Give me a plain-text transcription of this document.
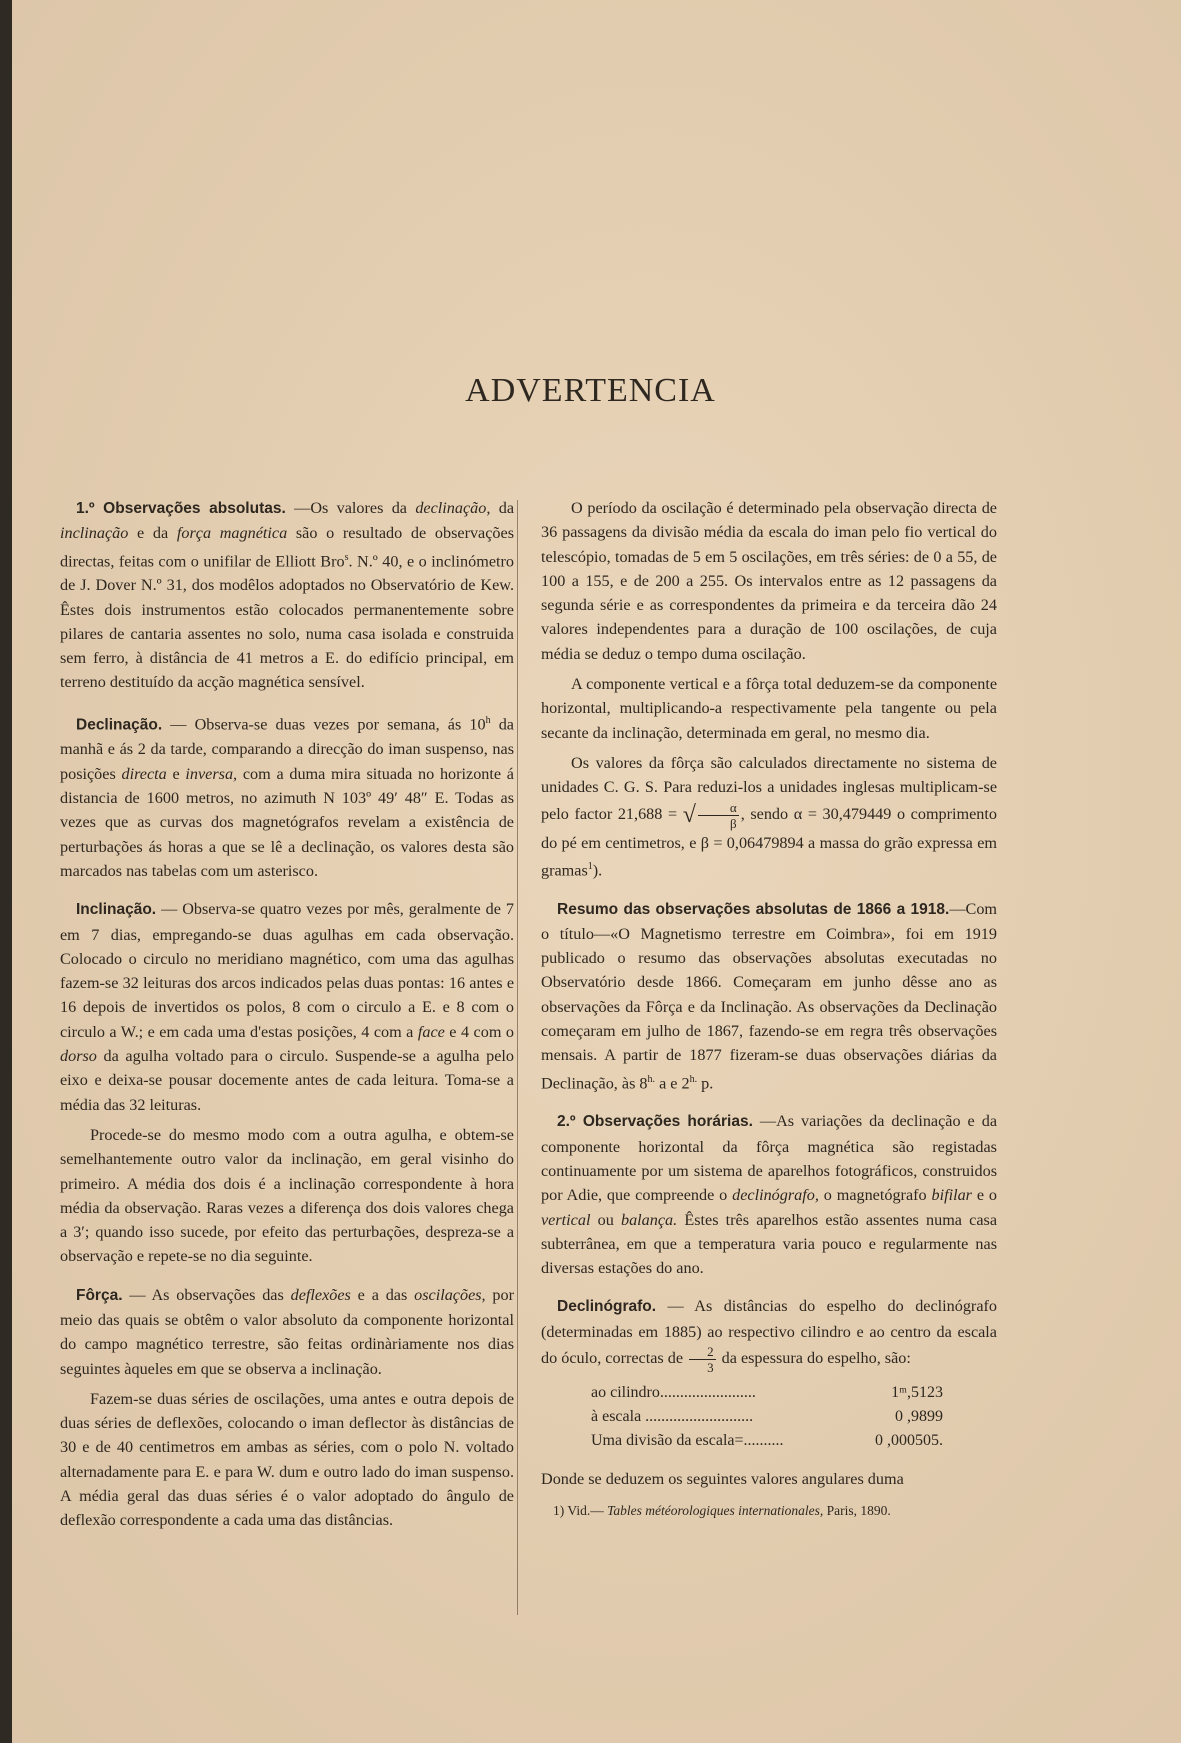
ADVERTENCIA

1.º Observações absolutas. —Os valores da declinação, da inclinação e da força magnética são o resultado de observações directas, feitas com o unifilar de Elliott Bro$^s$. N.º 40, e o inclinómetro de J. Dover N.º 31, dos modêlos adoptados no Observatório de Kew. Êstes dois instrumentos estão colocados permanentemente sobre pilares de cantaria assentes no solo, numa casa isolada e construida sem ferro, à distância de 41 metros a E. do edifício principal, em terreno destituído da acção magnética sensível.

Declinação. — Observa-se duas vezes por semana, ás 10$^h$ da manhã e ás 2 da tarde, comparando a direcção do iman suspenso, nas posições directa e inversa, com a duma mira situada no horizonte á distancia de 1600 metros, no azimuth N 103º 49′ 48″ E. Todas as vezes que as curvas dos magnetógrafos revelam a existência de perturbações ás horas a que se lê a declinação, os valores desta são marcados nas tabelas com um asterisco.

Inclinação. — Observa-se quatro vezes por mês, geralmente de 7 em 7 dias, empregando-se duas agulhas em cada observação. Colocado o circulo no meridiano magnético, com uma das agulhas fazem-se 32 leituras dos arcos indicados pelas duas pontas: 16 antes e 16 depois de invertidos os polos, 8 com o circulo a E. e 8 com o circulo a W.; e em cada uma d'estas posições, 4 com a face e 4 com o dorso da agulha voltado para o circulo. Suspende-se a agulha pelo eixo e deixa-se pousar docemente antes de cada leitura. Toma-se a média das 32 leituras.

Procede-se do mesmo modo com a outra agulha, e obtem-se semelhantemente outro valor da inclinação, em geral visinho do primeiro. A média dos dois é a inclinação correspondente à hora média da observação. Raras vezes a diferença dos dois valores chega a 3′; quando isso sucede, por efeito das perturbações, despreza-se a observação e repete-se no dia seguinte.

Fôrça. — As observações das deflexões e a das oscilações, por meio das quais se obtêm o valor absoluto da componente horizontal do campo magnético terrestre, são feitas ordinàriamente nos dias seguintes àqueles em que se observa a inclinação.

Fazem-se duas séries de oscilações, uma antes e outra depois de duas séries de deflexões, colocando o iman deflector às distâncias de 30 e de 40 centimetros em ambas as séries, com o polo N. voltado alternadamente para E. e para W. dum e outro lado do iman suspenso. A média geral das duas séries é o valor adoptado do ângulo de deflexão correspondente a cada uma das distâncias.

O período da oscilação é determinado pela observação directa de 36 passagens da divisão média da escala do iman pelo fio vertical do telescópio, tomadas de 5 em 5 oscilações, em três séries: de 0 a 55, de 100 a 155, e de 200 a 255. Os intervalos entre as 12 passagens da segunda série e as correspondentes da primeira e da terceira dão 24 valores independentes para a duração de 100 oscilações, de cuja média se deduz o tempo duma oscilação.

A componente vertical e a fôrça total deduzem-se da componente horizontal, multiplicando-a respectivamente pela tangente ou pela secante da inclinação, determinada em geral, no mesmo dia.

Os valores da fôrça são calculados directamente no sistema de unidades C. G. S. Para reduzi-los a unidades inglesas multiplicam-se pelo factor 21,688 = √ $\frac{\alpha}{\beta}$ , sendo α = 30,479449 o comprimento do pé em centimetros, e β = 0,06479894 a massa do grão expressa em gramas$^1$).

Resumo das observações absolutas de 1866 a 1918.—Com o título—«O Magnetismo terrestre em Coimbra», foi em 1919 publicado o resumo das observações absolutas executadas no Observatório desde 1866. Começaram em junho dêsse ano as observações da Fôrça e da Inclinação. As observações da Declinação começaram em julho de 1867, fazendo-se em regra três observações mensais. A partir de 1877 fizeram-se duas observações diárias da Declinação, às $8^{h.}$ a e $2^{h.}$ p.

2.º Observações horárias. —As variações da declinação e da componente horizontal da fôrça magnética são registadas continuamente por um sistema de aparelhos fotográficos, construidos por Adie, que compreende o declinógrafo, o magnetógrafo bifilar e o vertical ou balança. Êstes três aparelhos estão assentes numa casa subterrânea, em que a temperatura varia pouco e regularmente nas diversas estações do ano.

Declinógrafo. — As distâncias do espelho do declinógrafo (determinadas em 1885) ao respectivo cilindro e ao centro da escala do óculo, correctas de $\frac{2}{3}$ da espessura do espelho, são:

ao cilindro........................	1ᵐ,5123
à escala ...........................	0 ,9899
Uma divisão da escala=..........	0 ,000505.

Donde se deduzem os seguintes valores angulares duma

1) Vid.— Tables météorologiques internationales, Paris, 1890.
